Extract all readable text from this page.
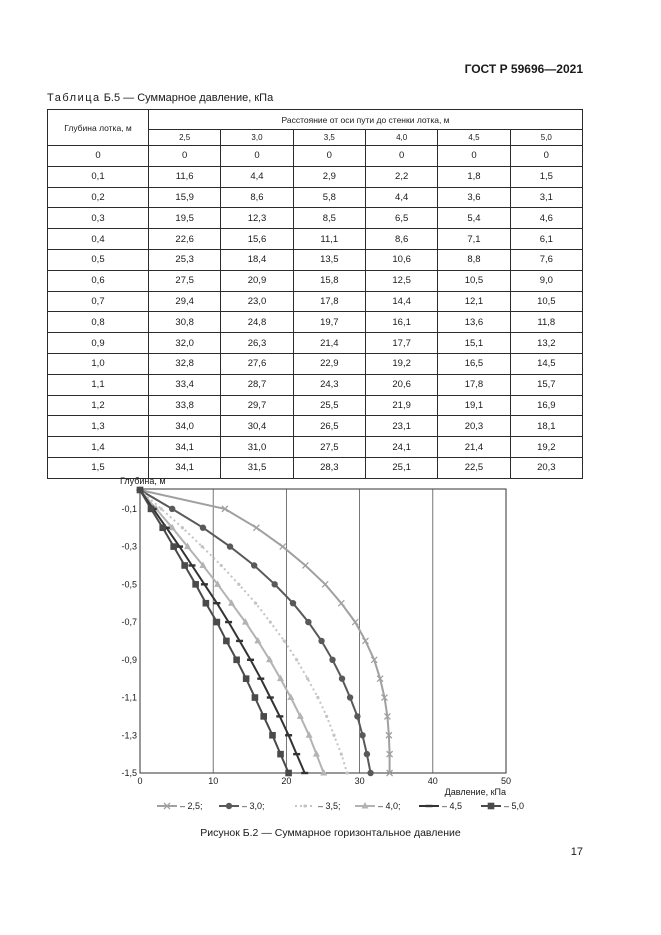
ГОСТ Р 59696—2021
Таблица Б.5 — Суммарное давление, кПа
Глубина лотка, м	Расстояние от оси пути до стенки лотка, м					
	2,5	3,0	3,5	4,0	4,5	5,0
0	0	0	0	0	0	0
0,1	11,6	4,4	2,9	2,2	1,8	1,5
0,2	15,9	8,6	5,8	4,4	3,6	3,1
0,3	19,5	12,3	8,5	6,5	5,4	4,6
0,4	22,6	15,6	11,1	8,6	7,1	6,1
0,5	25,3	18,4	13,5	10,6	8,8	7,6
0,6	27,5	20,9	15,8	12,5	10,5	9,0
0,7	29,4	23,0	17,8	14,4	12,1	10,5
0,8	30,8	24,8	19,7	16,1	13,6	11,8
0,9	32,0	26,3	21,4	17,7	15,1	13,2
1,0	32,8	27,6	22,9	19,2	16,5	14,5
1,1	33,4	28,7	24,3	20,6	17,8	15,7
1,2	33,8	29,7	25,5	21,9	19,1	16,9
1,3	34,0	30,4	26,5	23,1	20,3	18,1
1,4	34,1	31,0	27,5	24,1	21,4	19,2
1,5	34,1	31,5	28,3	25,1	22,5	20,3
0	10	20	30	40	50
-0,1
-0,3
-0,5
-0,7
-0,9
-1,1
-1,3
-1,5
Глубина, м
Давление, кПа
– 2,5;	– 3,0;	– 3,5;	– 4,0;	– 4,5	– 5,0
Рисунок Б.2 — Суммарное горизонтальное давление
17
